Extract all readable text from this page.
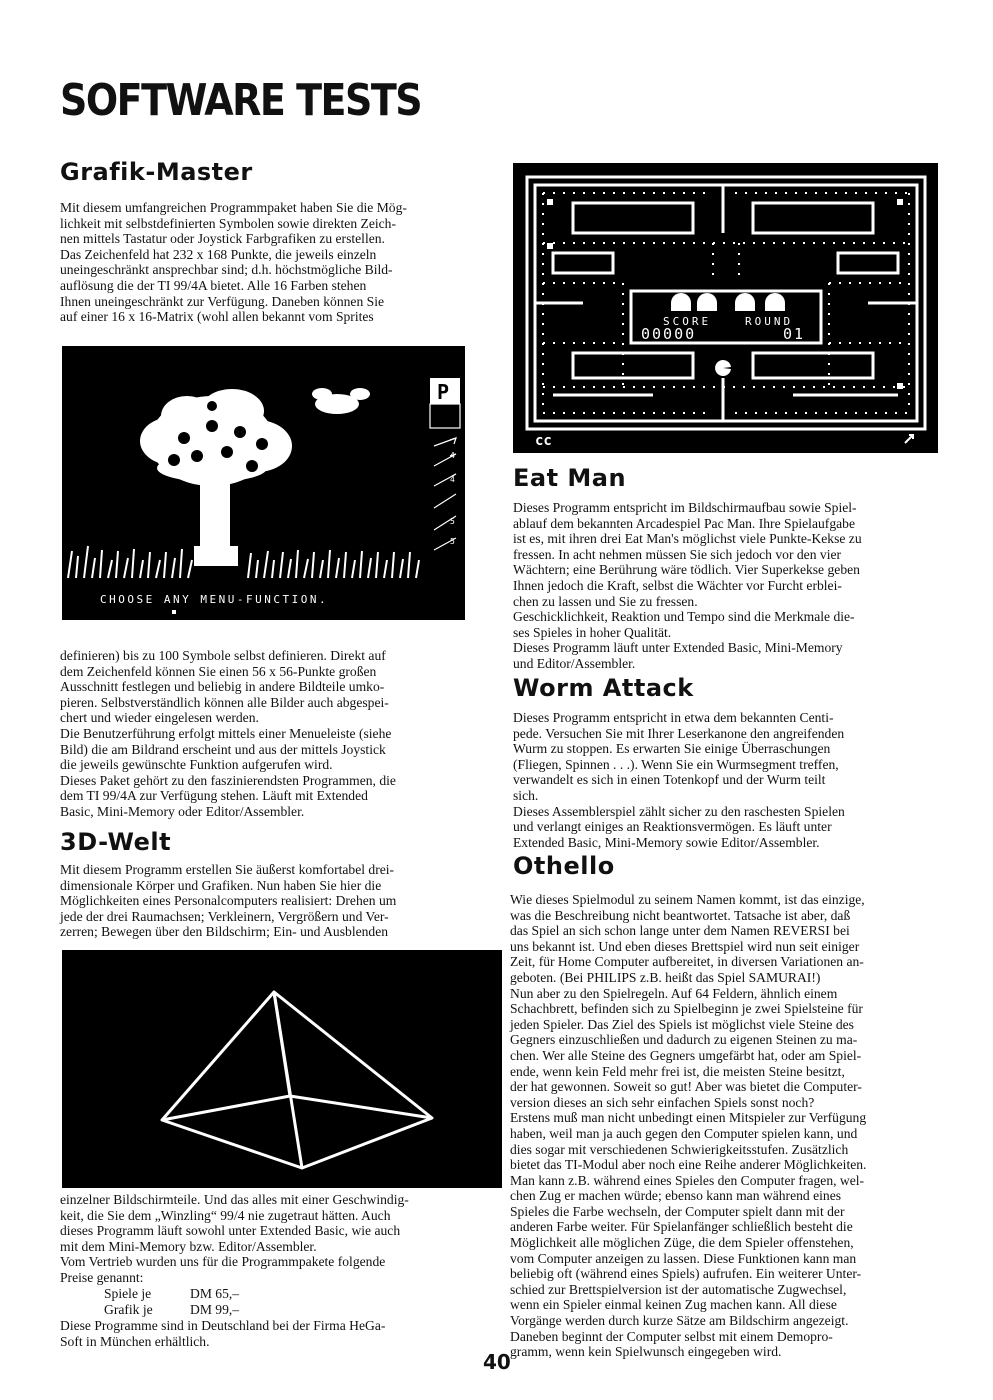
SOFTWARE TESTS
Grafik-Master

Mit diesem umfangreichen Programmpaket haben Sie die Mög-

lichkeit mit selbstdefinierten Symbolen sowie direkten Zeich-

nen mittels Tastatur oder Joystick Farbgrafiken zu erstellen.

Das Zeichenfeld hat 232 x 168 Punkte, die jeweils einzeln

uneingeschränkt ansprechbar sind; d.h. höchstmögliche Bild-

auflösung die der TI 99/4A bietet. Alle 16 Farben stehen

Ihnen uneingeschränkt zur Verfügung. Daneben können Sie

auf einer 16 x 16-Matrix (wohl allen bekannt vom Sprites

P
4
4
5
5
CHOOSE ANY MENU-FUNCTION.

definieren) bis zu 100 Symbole selbst definieren. Direkt auf

dem Zeichenfeld können Sie einen 56 x 56-Punkte großen

Ausschnitt festlegen und beliebig in andere Bildteile umko-

pieren. Selbstverständlich können alle Bilder auch abgespei-

chert und wieder eingelesen werden.

Die Benutzerführung erfolgt mittels einer Menueleiste (siehe

Bild) die am Bildrand erscheint und aus der mittels Joystick

die jeweils gewünschte Funktion aufgerufen wird.

Dieses Paket gehört zu den faszinierendsten Programmen, die

dem TI 99/4A zur Verfügung stehen. Läuft mit Extended

Basic, Mini-Memory oder Editor/Assembler.

3D-Welt

Mit diesem Programm erstellen Sie äußerst komfortabel drei-

dimensionale Körper und Grafiken. Nun haben Sie hier die

Möglichkeiten eines Personalcomputers realisiert: Drehen um

jede der drei Raumachsen; Verkleinern, Vergrößern und Ver-

zerren; Bewegen über den Bildschirm; Ein- und Ausblenden

einzelner Bildschirmteile. Und das alles mit einer Geschwindig-

keit, die Sie dem „Winzling“ 99/4 nie zugetraut hätten. Auch

dieses Programm läuft sowohl unter Extended Basic, wie auch

mit dem Mini-Memory bzw. Editor/Assembler.

Vom Vertrieb wurden uns für die Programmpakete folgende

Preise genannt:

Spiele je	DM 65,–
Grafik je	DM 99,–

Diese Programme sind in Deutschland bei der Firma HeGa-

Soft in München erhältlich.

SCORE	ROUND
00000	01
cc
Eat Man

Dieses Programm entspricht im Bildschirmaufbau sowie Spiel-

ablauf dem bekannten Arcadespiel Pac Man. Ihre Spielaufgabe

ist es, mit ihren drei Eat Man's möglichst viele Punkte-Kekse zu

fressen. In acht nehmen müssen Sie sich jedoch vor den vier

Wächtern; eine Berührung wäre tödlich. Vier Superkekse geben

Ihnen jedoch die Kraft, selbst die Wächter vor Furcht erblei-

chen zu lassen und Sie zu fressen.

Geschicklichkeit, Reaktion und Tempo sind die Merkmale die-

ses Spieles in hoher Qualität.

Dieses Programm läuft unter Extended Basic, Mini-Memory

und Editor/Assembler.

Worm Attack

Dieses Programm entspricht in etwa dem bekannten Centi-

pede. Versuchen Sie mit Ihrer Leserkanone den angreifenden

Wurm zu stoppen. Es erwarten Sie einige Überraschungen

(Fliegen, Spinnen . . .). Wenn Sie ein Wurmsegment treffen,

verwandelt es sich in einen Totenkopf und der Wurm teilt

sich.

Dieses Assemblerspiel zählt sicher zu den raschesten Spielen

und verlangt einiges an Reaktionsvermögen. Es läuft unter

Extended Basic, Mini-Memory sowie Editor/Assembler.

Othello

Wie dieses Spielmodul zu seinem Namen kommt, ist das einzige,

was die Beschreibung nicht beantwortet. Tatsache ist aber, daß

das Spiel an sich schon lange unter dem Namen REVERSI bei

uns bekannt ist. Und eben dieses Brettspiel wird nun seit einiger

Zeit, für Home Computer aufbereitet, in diversen Variationen an-

geboten. (Bei PHILIPS z.B. heißt das Spiel SAMURAI!)

Nun aber zu den Spielregeln. Auf 64 Feldern, ähnlich einem

Schachbrett, befinden sich zu Spielbeginn je zwei Spielsteine für

jeden Spieler. Das Ziel des Spiels ist möglichst viele Steine des

Gegners einzuschließen und dadurch zu eigenen Steinen zu ma-

chen. Wer alle Steine des Gegners umgefärbt hat, oder am Spiel-

ende, wenn kein Feld mehr frei ist, die meisten Steine besitzt,

der hat gewonnen. Soweit so gut! Aber was bietet die Computer-

version dieses an sich sehr einfachen Spiels sonst noch?

Erstens muß man nicht unbedingt einen Mitspieler zur Verfügung

haben, weil man ja auch gegen den Computer spielen kann, und

dies sogar mit verschiedenen Schwierigkeitsstufen. Zusätzlich

bietet das TI-Modul aber noch eine Reihe anderer Möglichkeiten.

Man kann z.B. während eines Spieles den Computer fragen, wel-

chen Zug er machen würde; ebenso kann man während eines

Spieles die Farbe wechseln, der Computer spielt dann mit der

anderen Farbe weiter. Für Spielanfänger schließlich besteht die

Möglichkeit alle möglichen Züge, die dem Spieler offenstehen,

vom Computer anzeigen zu lassen. Diese Funktionen kann man

beliebig oft (während eines Spiels) aufrufen. Ein weiterer Unter-

schied zur Brettspielversion ist der automatische Zugwechsel,

wenn ein Spieler einmal keinen Zug machen kann. All diese

Vorgänge werden durch kurze Sätze am Bildschirm angezeigt.

Daneben beginnt der Computer selbst mit einem Demopro-

gramm, wenn kein Spielwunsch eingegeben wird.

40
